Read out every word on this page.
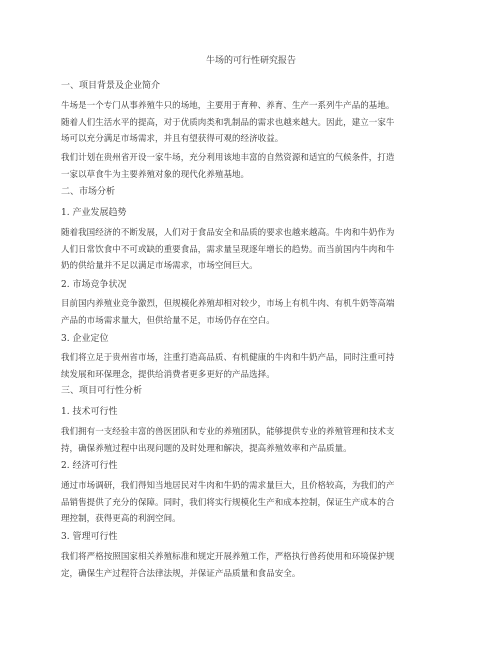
牛场的可行性研究报告
一、项目背景及企业简介
牛场是一个专门从事养殖牛只的场地，主要用于育种、养育、生产一系列牛产品的基地。
随着人们生活水平的提高，对于优质肉类和乳制品的需求也越来越大。因此，建立一家牛
场可以充分满足市场需求，并且有望获得可观的经济收益。
我们计划在贵州省开设一家牛场，充分利用该地丰富的自然资源和适宜的气候条件，打造
一家以草食牛为主要养殖对象的现代化养殖基地。
二、市场分析
1. 产业发展趋势
随着我国经济的不断发展，人们对于食品安全和品质的要求也越来越高。牛肉和牛奶作为
人们日常饮食中不可或缺的重要食品，需求量呈现逐年增长的趋势。而当前国内牛肉和牛
奶的供给量并不足以满足市场需求，市场空间巨大。
2. 市场竞争状况
目前国内养殖业竞争激烈，但规模化养殖却相对较少，市场上有机牛肉、有机牛奶等高端
产品的市场需求量大，但供给量不足，市场仍存在空白。
3. 企业定位
我们将立足于贵州省市场，注重打造高品质、有机健康的牛肉和牛奶产品，同时注重可持
续发展和环保理念，提供给消费者更多更好的产品选择。
三、项目可行性分析
1. 技术可行性
我们拥有一支经验丰富的兽医团队和专业的养殖团队，能够提供专业的养殖管理和技术支
持，确保养殖过程中出现问题的及时处理和解决，提高养殖效率和产品质量。
2. 经济可行性
通过市场调研，我们得知当地居民对牛肉和牛奶的需求量巨大，且价格较高，为我们的产
品销售提供了充分的保障。同时，我们将实行规模化生产和成本控制，保证生产成本的合
理控制，获得更高的利润空间。
3. 管理可行性
我们将严格按照国家相关养殖标准和规定开展养殖工作，严格执行兽药使用和环境保护规
定，确保生产过程符合法律法规，并保证产品质量和食品安全。
